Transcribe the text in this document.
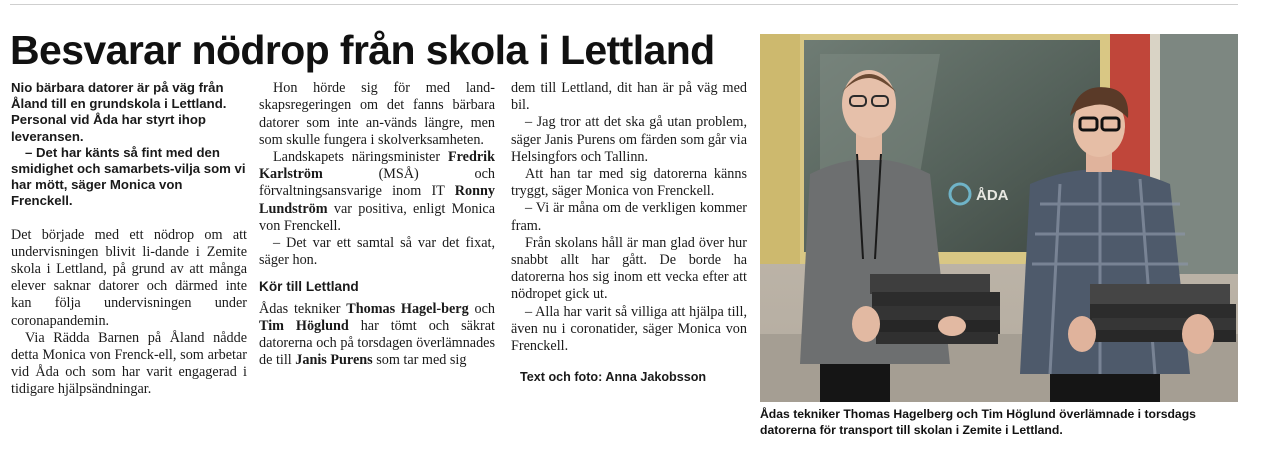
Besvarar nödrop från skola i Lettland

Nio bärbara datorer är på väg från Åland till en grundskola i Lettland. Personal vid Åda har styrt ihop leveransen.

– Det har känts så fint med den smidighet och samarbets-vilja som vi har mött, säger Monica von Frenckell.

Det började med ett nödrop om att undervisningen blivit li-dande i Zemite skola i Lettland, på grund av att många elever saknar datorer och därmed inte kan följa undervisningen under coronapandemin.

Via Rädda Barnen på Åland nådde detta Monica von Frenck-ell, som arbetar vid Åda och som har varit engagerad i tidigare hjälpsändningar.

Hon hörde sig för med land-skapsregeringen om det fanns bärbara datorer som inte an-vänds längre, men som skulle fungera i skolverksamheten.

Landskapets näringsminister Fredrik Karlström (MSÅ) och förvaltningsansvarige inom IT Ronny Lundström var positiva, enligt Monica von Frenckell.

– Det var ett samtal så var det fixat, säger hon.

Kör till Lettland

Ådas tekniker Thomas Hagel-berg och Tim Höglund har tömt och säkrat datorerna och på torsdagen överlämnades de till Janis Purens som tar med sig

dem till Lettland, dit han är på väg med bil.

– Jag tror att det ska gå utan problem, säger Janis Purens om färden som går via Helsingfors och Tallinn.

Att han tar med sig datorerna känns tryggt, säger Monica von Frenckell.

– Vi är måna om de verkligen kommer fram.

Från skolans håll är man glad över hur snabbt allt har gått. De borde ha datorerna hos sig inom ett vecka efter att nödropet gick ut.

– Alla har varit så villiga att hjälpa till, även nu i coronatider, säger Monica von Frenckell.

Text och foto: Anna Jakobsson

ÅDA

Ådas tekniker Thomas Hagelberg och Tim Höglund överlämnade i torsdags
datorerna för transport till skolan i Zemite i Lettland.
